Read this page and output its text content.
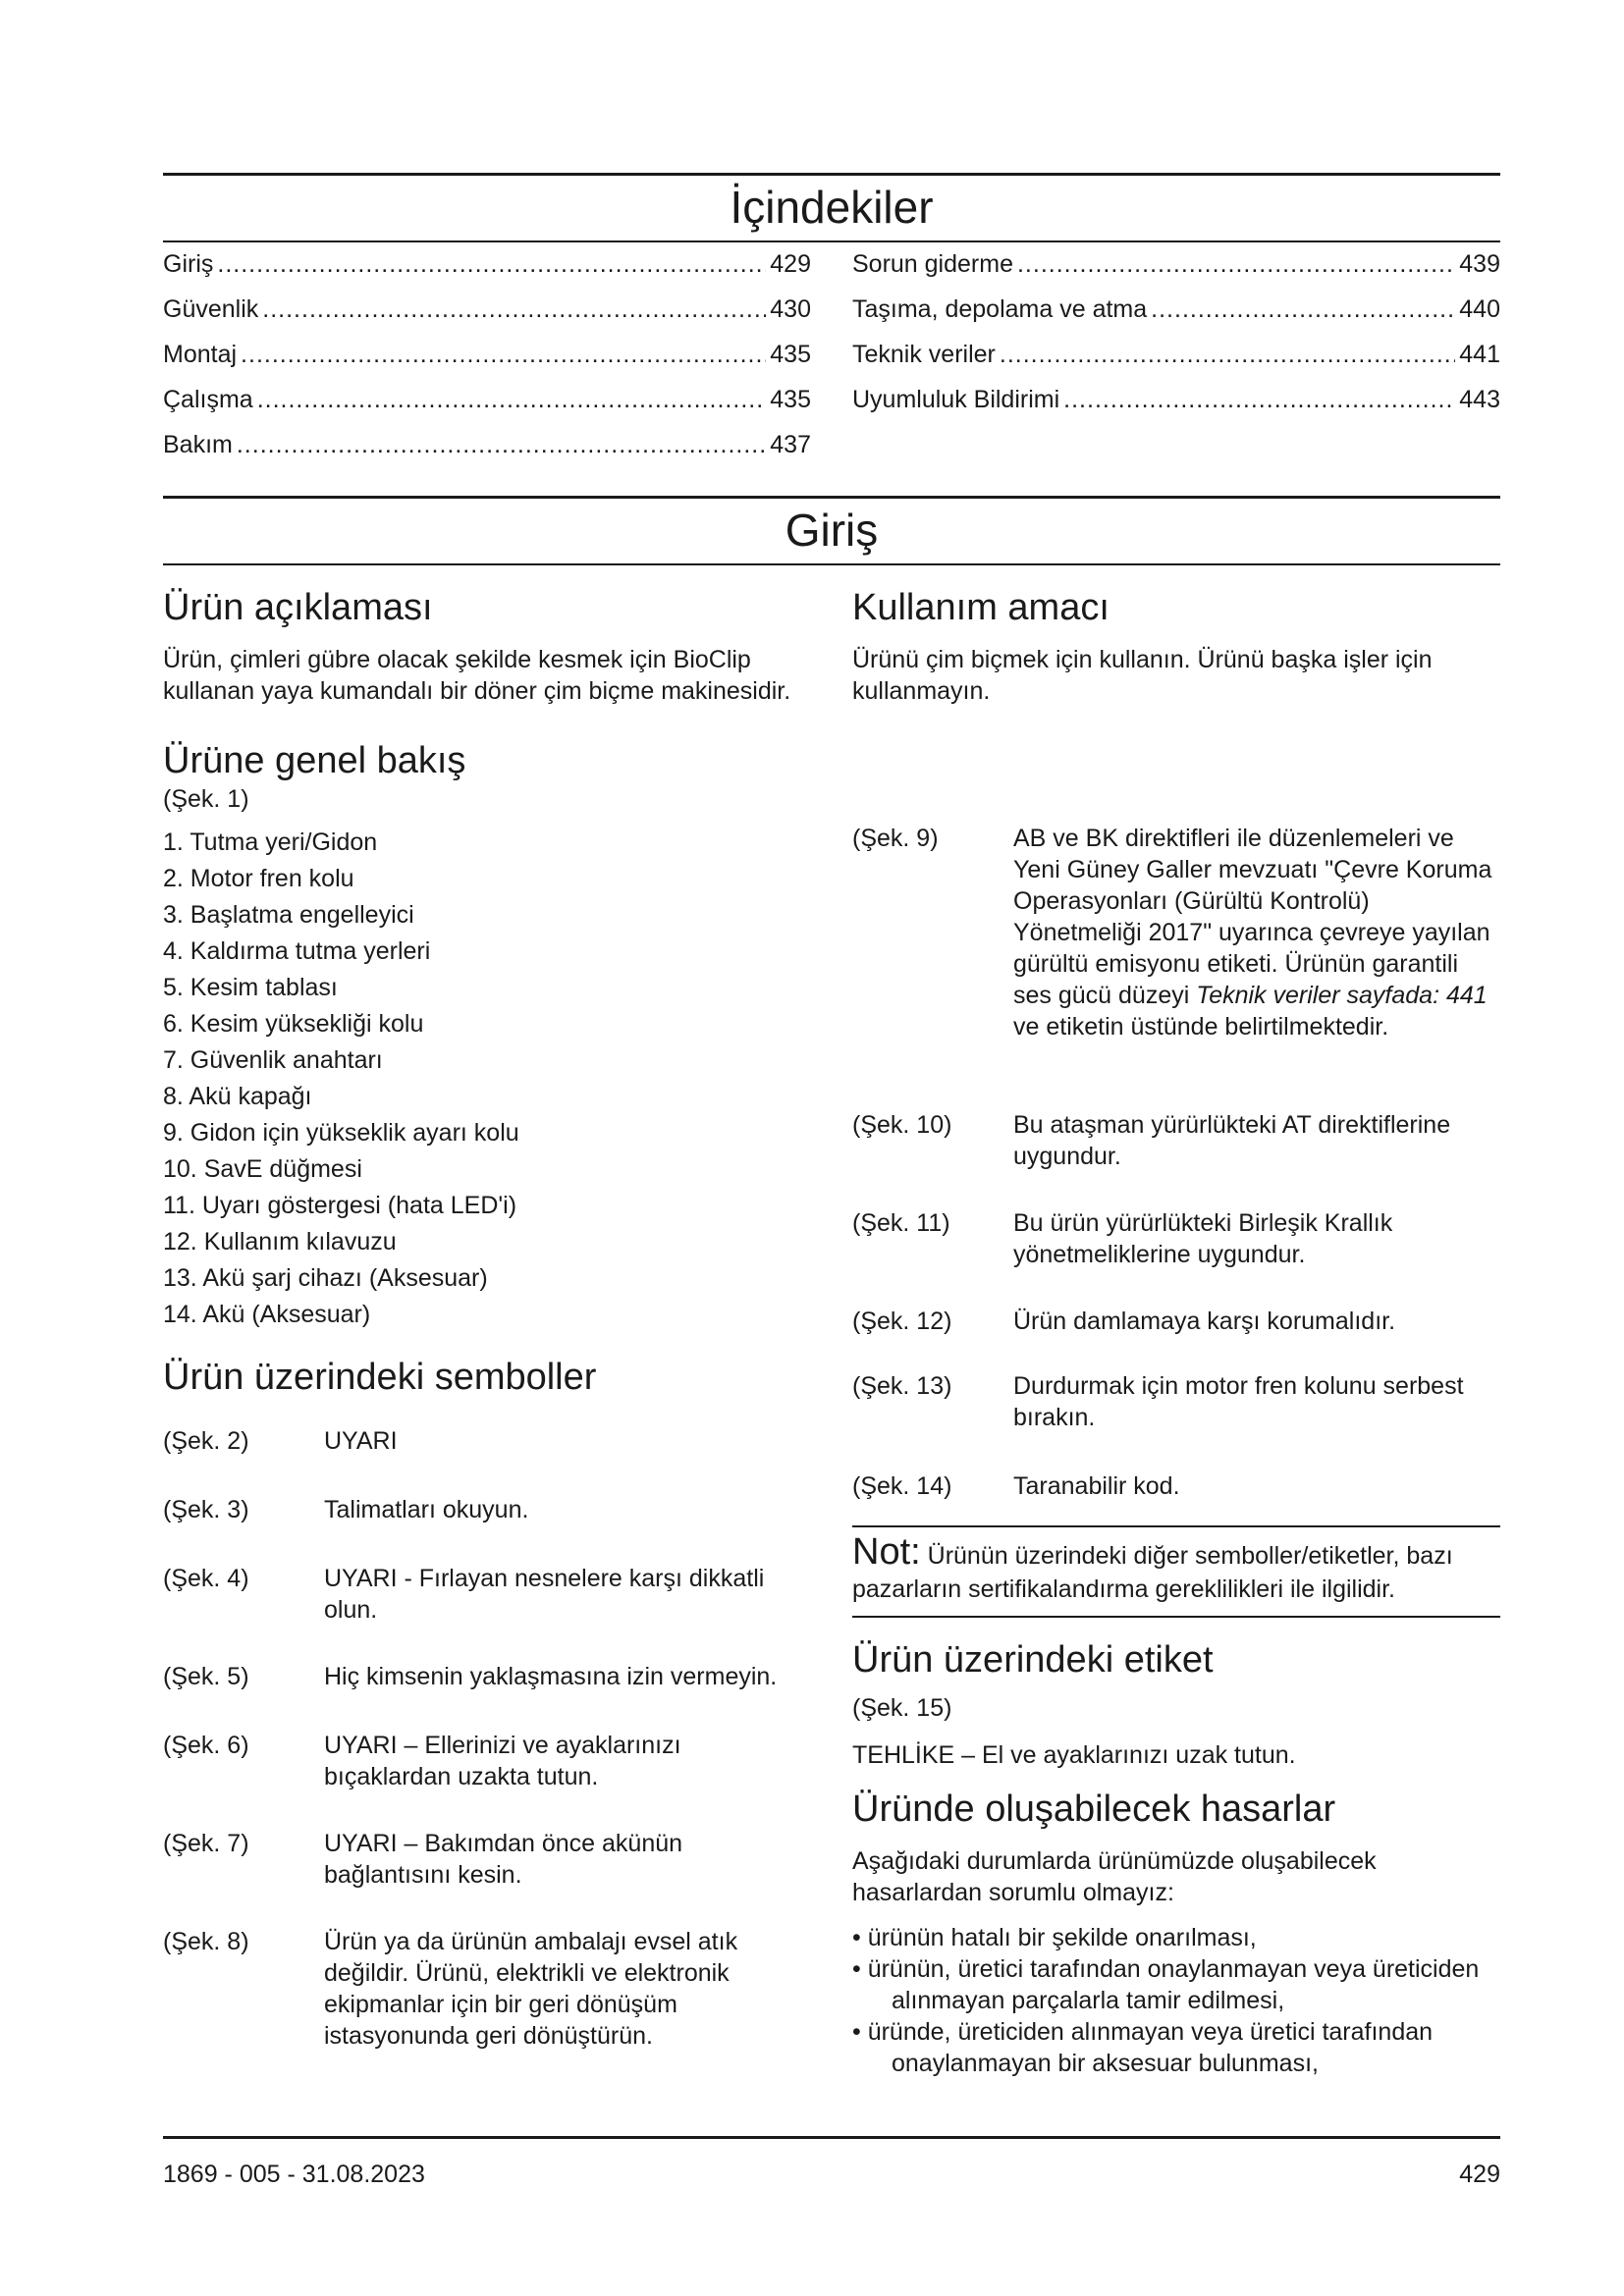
İçindekiler
Giriş .....	429
Güvenlik .....	430
Montaj .....	435
Çalışma .....	435
Bakım .....	437
Sorun giderme .....	439
Taşıma, depolama ve atma .....	440
Teknik veriler .....	441
Uyumluluk Bildirimi .....	443
Giriş
Ürün açıklaması

Ürün, çimleri gübre olacak şekilde kesmek için BioClip kullanan yaya kumandalı bir döner çim biçme makinesidir.

Ürüne genel bakış

(Şek. 1)

1. Tutma yeri/Gidon
2. Motor fren kolu
3. Başlatma engelleyici
4. Kaldırma tutma yerleri
5. Kesim tablası
6. Kesim yüksekliği kolu
7. Güvenlik anahtarı
8. Akü kapağı
9. Gidon için yükseklik ayarı kolu
10. SavE düğmesi
11. Uyarı göstergesi (hata LED'i)
12. Kullanım kılavuzu
13. Akü şarj cihazı (Aksesuar)
14. Akü (Aksesuar)
Ürün üzerindeki semboller
(Şek. 2)	UYARI
(Şek. 3)	Talimatları okuyun.
(Şek. 4)	UYARI - Fırlayan nesnelere karşı dikkatli olun.
(Şek. 5)	Hiç kimsenin yaklaşmasına izin vermeyin.
(Şek. 6)	UYARI – Ellerinizi ve ayaklarınızı bıçaklardan uzakta tutun.
(Şek. 7)	UYARI – Bakımdan önce akünün bağlantısını kesin.
(Şek. 8)	Ürün ya da ürünün ambalajı evsel atık değildir. Ürünü, elektrikli ve elektronik ekipmanlar için bir geri dönüşüm istasyonunda geri dönüştürün.
Kullanım amacı

Ürünü çim biçmek için kullanın. Ürünü başka işler için kullanmayın.

(Şek. 9)	AB ve BK direktifleri ile düzenlemeleri ve Yeni Güney Galler mevzuatı "Çevre Koruma Operasyonları (Gürültü Kontrolü) Yönetmeliği 2017" uyarınca çevreye yayılan gürültü emisyonu etiketi. Ürünün garantili ses gücü düzeyi Teknik veriler sayfada: 441 ve etiketin üstünde belirtilmektedir.
(Şek. 10)	Bu ataşman yürürlükteki AT direktiflerine uygundur.
(Şek. 11)	Bu ürün yürürlükteki Birleşik Krallık yönetmeliklerine uygundur.
(Şek. 12)	Ürün damlamaya karşı korumalıdır.
(Şek. 13)	Durdurmak için motor fren kolunu serbest bırakın.
(Şek. 14)	Taranabilir kod.

Not: Ürünün üzerindeki diğer semboller/etiketler, bazı pazarların sertifikalandırma gereklilikleri ile ilgilidir.

Ürün üzerindeki etiket

(Şek. 15)

TEHLİKE – El ve ayaklarınızı uzak tutun.

Üründe oluşabilecek hasarlar

Aşağıdaki durumlarda ürünümüzde oluşabilecek hasarlardan sorumlu olmayız:

• ürünün hatalı bir şekilde onarılması,
• ürünün, üretici tarafından onaylanmayan veya üreticiden alınmayan parçalarla tamir edilmesi,
• üründe, üreticiden alınmayan veya üretici tarafından onaylanmayan bir aksesuar bulunması,
1869 - 005 - 31.08.2023	429
